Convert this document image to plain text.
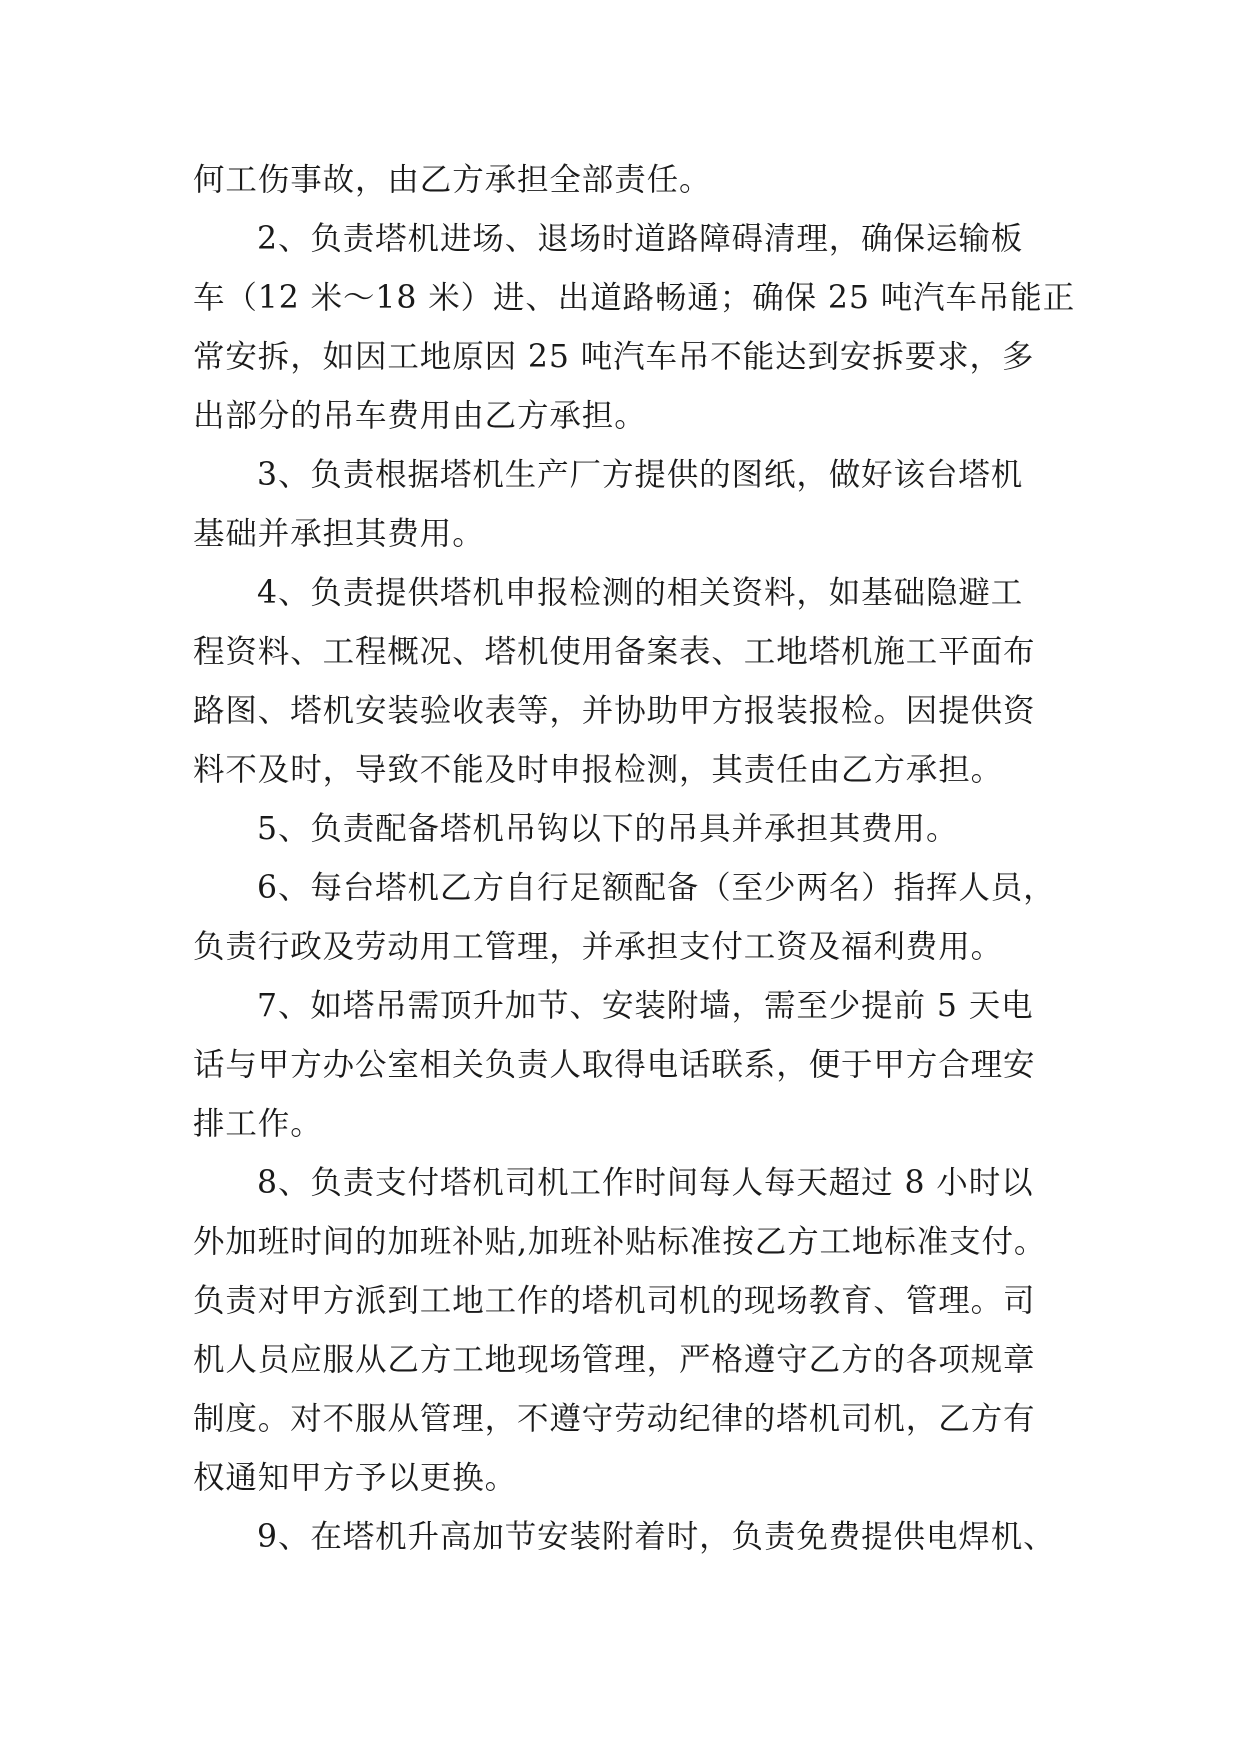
何工伤事故，由乙方承担全部责任。
2、负责塔机进场、退场时道路障碍清理，确保运输板
车（12 米～18 米）进、出道路畅通；确保 25 吨汽车吊能正
常安拆，如因工地原因 25 吨汽车吊不能达到安拆要求，多
出部分的吊车费用由乙方承担。
3、负责根据塔机生产厂方提供的图纸，做好该台塔机
基础并承担其费用。
4、负责提供塔机申报检测的相关资料，如基础隐避工
程资料、工程概况、塔机使用备案表、工地塔机施工平面布
路图、塔机安装验收表等，并协助甲方报装报检。因提供资
料不及时，导致不能及时申报检测，其责任由乙方承担。
5、负责配备塔机吊钩以下的吊具并承担其费用。
6、每台塔机乙方自行足额配备（至少两名）指挥人员，
负责行政及劳动用工管理，并承担支付工资及福利费用。
7、如塔吊需顶升加节、安装附墙，需至少提前 5 天电
话与甲方办公室相关负责人取得电话联系，便于甲方合理安
排工作。
8、负责支付塔机司机工作时间每人每天超过 8 小时以
外加班时间的加班补贴,加班补贴标准按乙方工地标准支付。
负责对甲方派到工地工作的塔机司机的现场教育、管理。司
机人员应服从乙方工地现场管理，严格遵守乙方的各项规章
制度。对不服从管理，不遵守劳动纪律的塔机司机，乙方有
权通知甲方予以更换。
9、在塔机升高加节安装附着时，负责免费提供电焊机、
